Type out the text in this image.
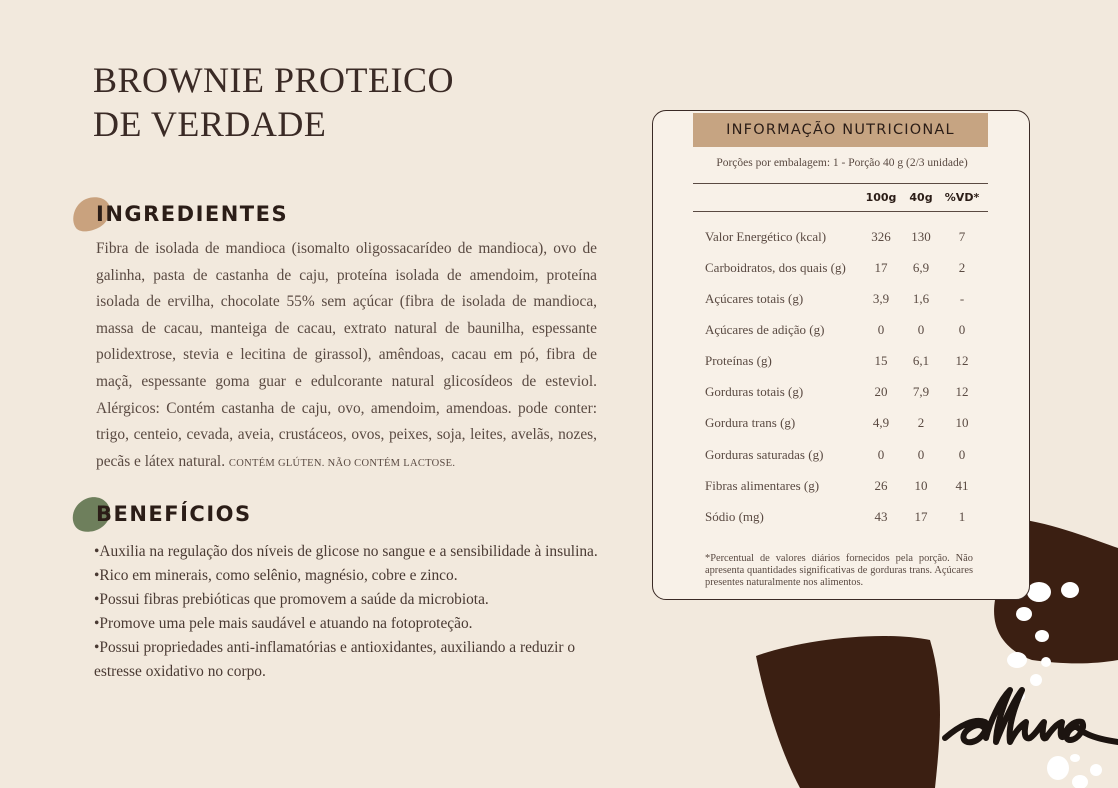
BROWNIE PROTEICO
DE VERDADE
INGREDIENTES

Fibra de isolada de mandioca (isomalto oligossacarídeo de mandioca), ovo de galinha, pasta de castanha de caju, proteína isolada de amendoim, proteína isolada de ervilha, chocolate 55% sem açúcar (fibra de isolada de mandioca, massa de cacau, manteiga de cacau, extrato natural de baunilha, espessante polidextrose, stevia e lecitina de girassol), amêndoas, cacau em pó, fibra de maçã, espessante goma guar e edulcorante natural glicosídeos de esteviol. Alérgicos: Contém castanha de caju, ovo, amendoim, amendoas. pode conter: trigo, centeio, cevada, aveia, crustáceos, ovos, peixes, soja, leites, avelãs, nozes, pecãs e látex natural. CONTÉM GLÚTEN. NÃO CONTÉM LACTOSE.

BENEFÍCIOS
• Auxilia na regulação dos níveis de glicose no sangue e a sensibilidade à insulina.
• Rico em minerais, como selênio, magnésio, cobre e zinco.
• Possui fibras prebióticas que promovem a saúde da microbiota.
• Promove uma pele mais saudável e atuando na fotoproteção.
• Possui propriedades anti-inflamatórias e antioxidantes, auxiliando a reduzir o estresse oxidativo no corpo.
INFORMAÇÃO NUTRICIONAL
Porções por embalagem: 1 - Porção 40 g (2/3 unidade)
100g	40g	%VD*
Valor Energético (kcal)	326	130	7
Carboidratos, dos quais (g)	17	6,9	2
Açúcares totais (g)	3,9	1,6	-
Açúcares de adição (g)	0	0	0
Proteínas (g)	15	6,1	12
Gorduras totais (g)	20	7,9	12
Gordura trans (g)	4,9	2	10
Gorduras saturadas (g)	0	0	0
Fibras alimentares (g)	26	10	41
Sódio (mg)	43	17	1

*Percentual de valores diários fornecidos pela porção. Não apresenta quantidades significativas de gorduras trans. Açúcares presentes naturalmente nos alimentos.
